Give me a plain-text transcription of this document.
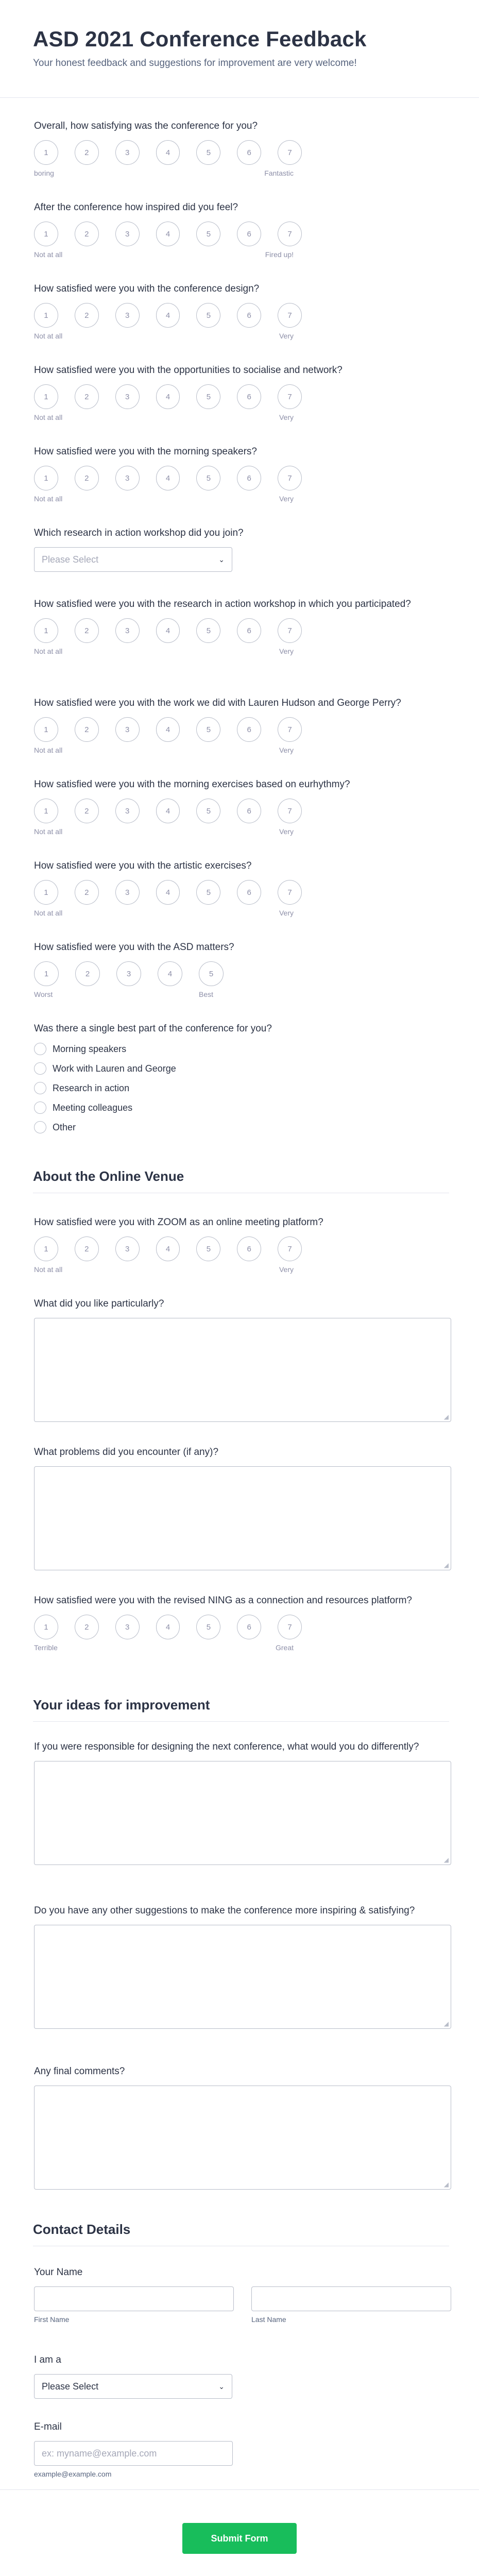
ASD 2021 Conference Feedback

Your honest feedback and suggestions for improvement are very welcome!

Overall, how satisfying was the conference for you?
1	2	3	4	5	6	7
boring	Fantastic
After the conference how inspired did you feel?
1	2	3	4	5	6	7
Not at all	Fired up!
How satisfied were you with the conference design?
1	2	3	4	5	6	7
Not at all	Very
How satisfied were you with the opportunities to socialise and network?
1	2	3	4	5	6	7
Not at all	Very
How satisfied were you with the morning speakers?
1	2	3	4	5	6	7
Not at all	Very
Which research in action workshop did you join?
Please Select	⌄
How satisfied were you with the research in action workshop in which you participated?
1	2	3	4	5	6	7
Not at all	Very
How satisfied were you with the work we did with Lauren Hudson and George Perry?
1	2	3	4	5	6	7
Not at all	Very
How satisfied were you with the morning exercises based on eurhythmy?
1	2	3	4	5	6	7
Not at all	Very
How satisfied were you with the artistic exercises?
1	2	3	4	5	6	7
Not at all	Very
How satisfied were you with the ASD matters?
1	2	3	4	5
Worst	Best
Was there a single best part of the conference for you?
Morning speakers
Work with Lauren and George
Research in action
Meeting colleagues
Other
About the Online Venue
How satisfied were you with ZOOM as an online meeting platform?
1	2	3	4	5	6	7
Not at all	Very
What did you like particularly?
◢
What problems did you encounter (if any)?
◢
How satisfied were you with the revised NING as a connection and resources platform?
1	2	3	4	5	6	7
Terrible	Great
Your ideas for improvement
If you were responsible for designing the next conference, what would you do differently?
◢
Do you have any other suggestions to make the conference more inspiring & satisfying?
◢
Any final comments?
◢
Contact Details
Your Name
First Name	Last Name
I am a
Please Select	⌄
E-mail
ex: myname@example.com
example@example.com
Submit Form
